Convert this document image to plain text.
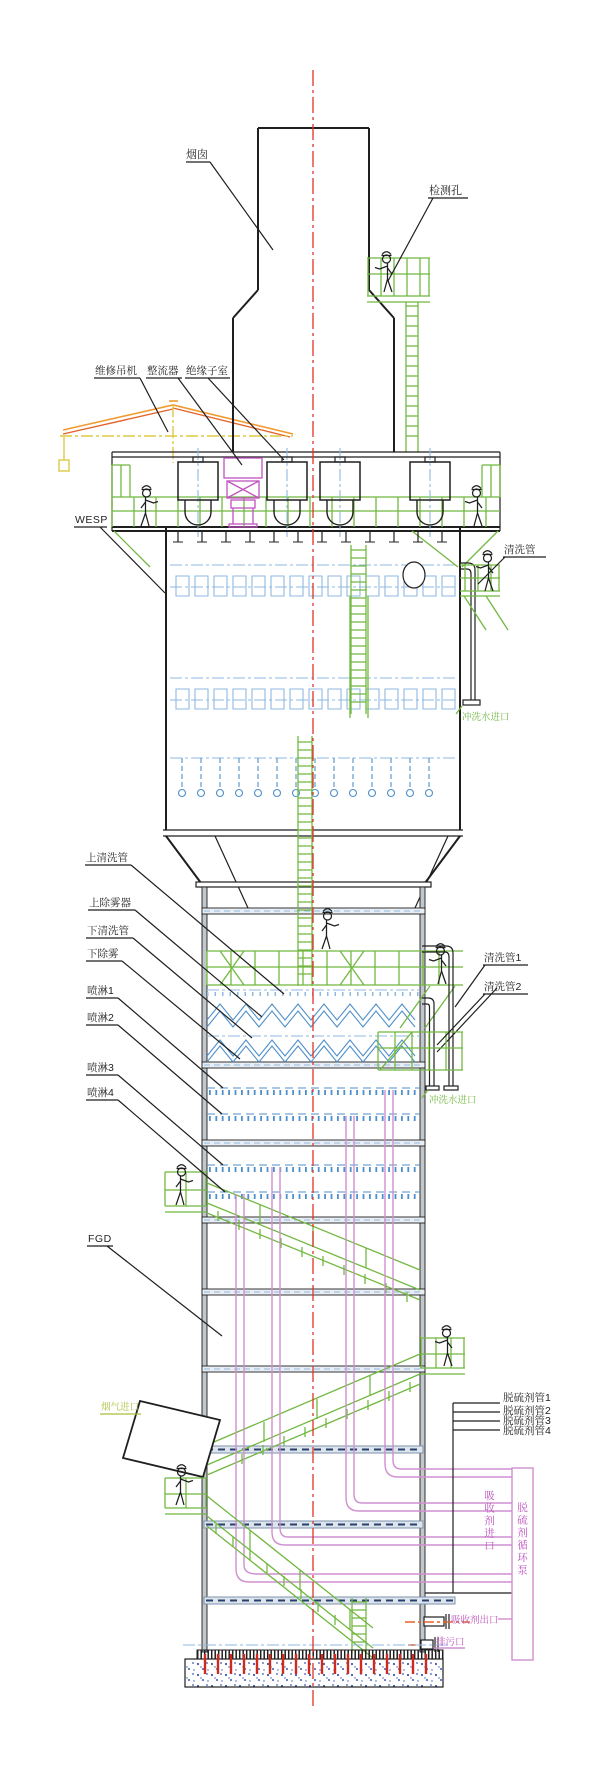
烟囱
检测孔
维修吊机 整流器 绝缘子室
WESP
清洗管
冲洗水进口
上清洗管
上除雾器
下清洗管
下除雾
喷淋1
喷淋2
喷淋3
喷淋4
清洗管1
清洗管2
冲洗水进口
FGD
烟气进口
脱硫剂管1
脱硫剂管2
脱硫剂管3
脱硫剂管4
吸收剂进口 脱硫剂循环泵
吸收剂出口
排污口
